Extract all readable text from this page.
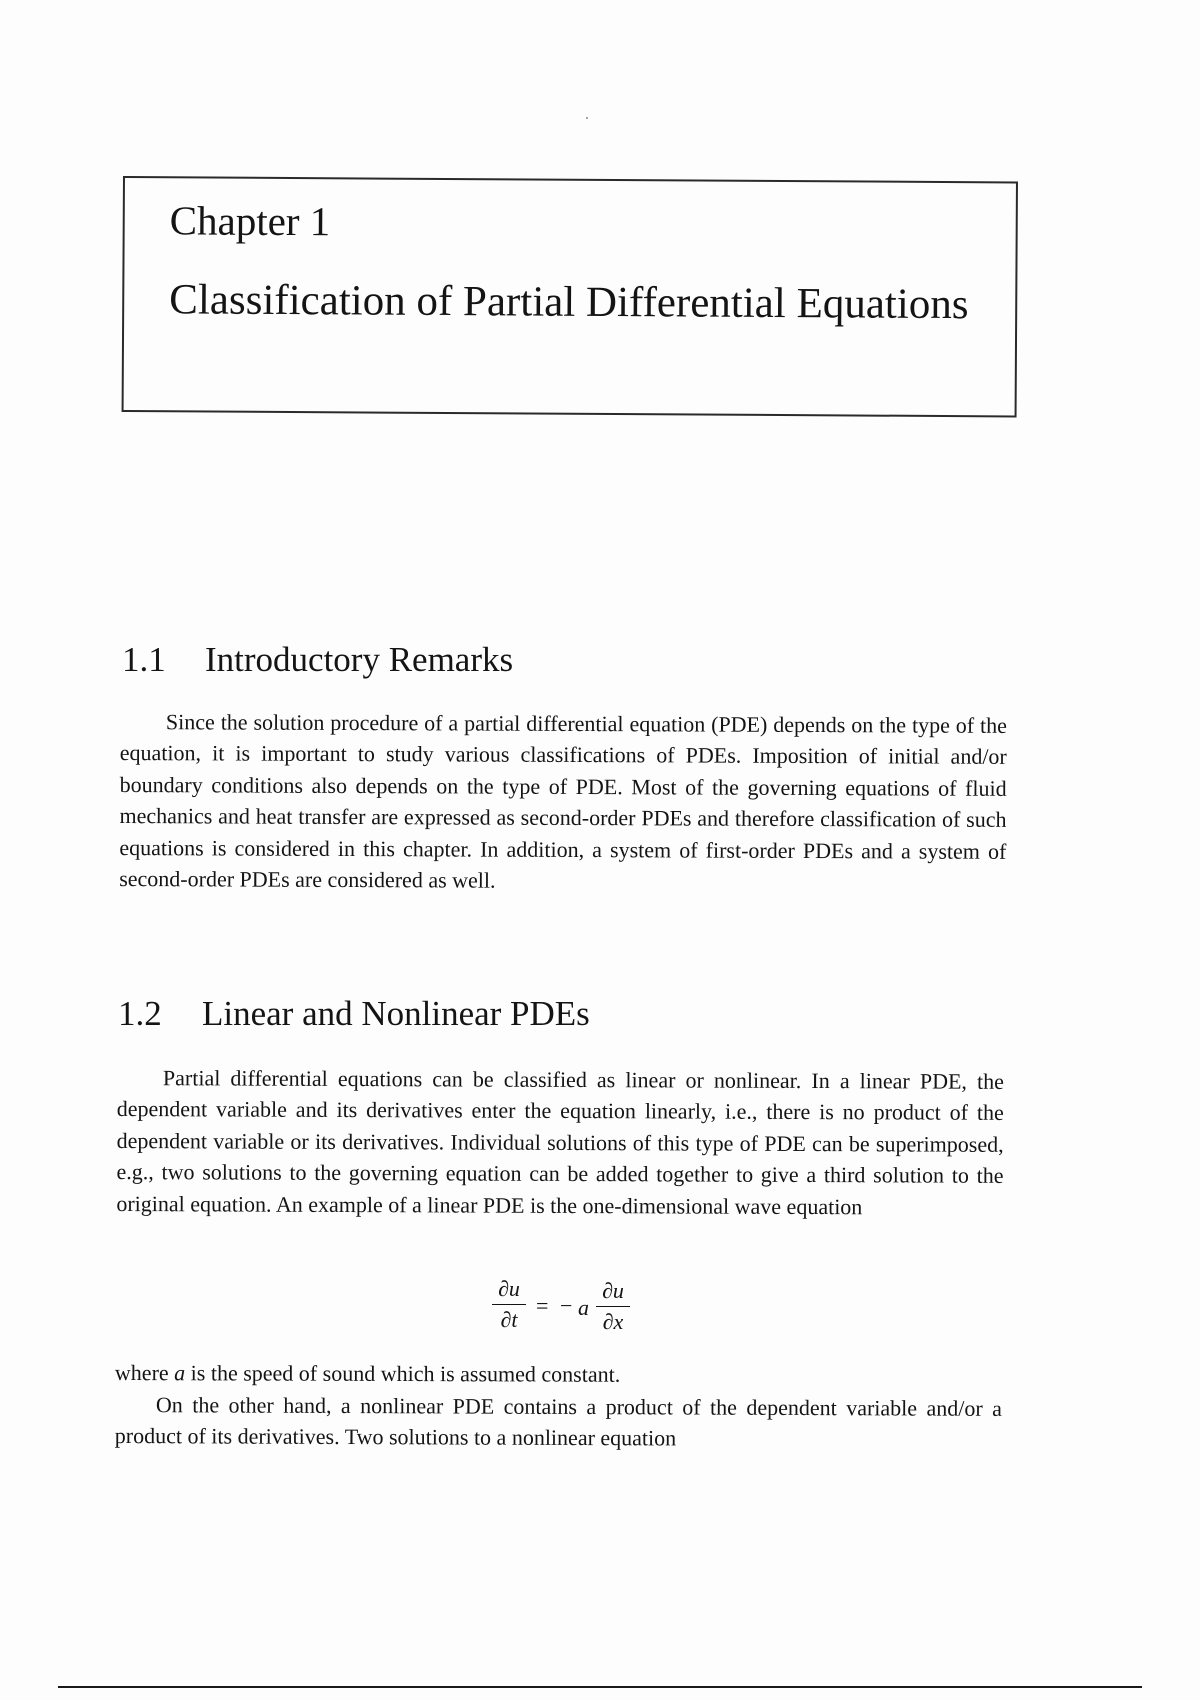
Chapter 1
Classification of Partial Differential Equations
1.1 Introductory Remarks

Since the solution procedure of a partial differential equation (PDE) depends on the type of the equation, it is important to study various classifications of PDEs. Imposition of initial and/or boundary conditions also depends on the type of PDE. Most of the governing equations of fluid mechanics and heat transfer are expressed as second-order PDEs and therefore classification of such equations is considered in this chapter. In addition, a system of first-order PDEs and a system of second-order PDEs are considered as well.

1.2 Linear and Nonlinear PDEs

Partial differential equations can be classified as linear or nonlinear. In a linear PDE, the dependent variable and its derivatives enter the equation linearly, i.e., there is no product of the dependent variable or its derivatives. Individual solutions of this type of PDE can be superimposed, e.g., two solutions to the governing equation can be added together to give a third solution to the original equation. An example of a linear PDE is the one-dimensional wave equation

∂u
∂t
= − a
∂u
∂x

where a is the speed of sound which is assumed constant.

On the other hand, a nonlinear PDE contains a product of the dependent variable and/or a product of its derivatives. Two solutions to a nonlinear equation
